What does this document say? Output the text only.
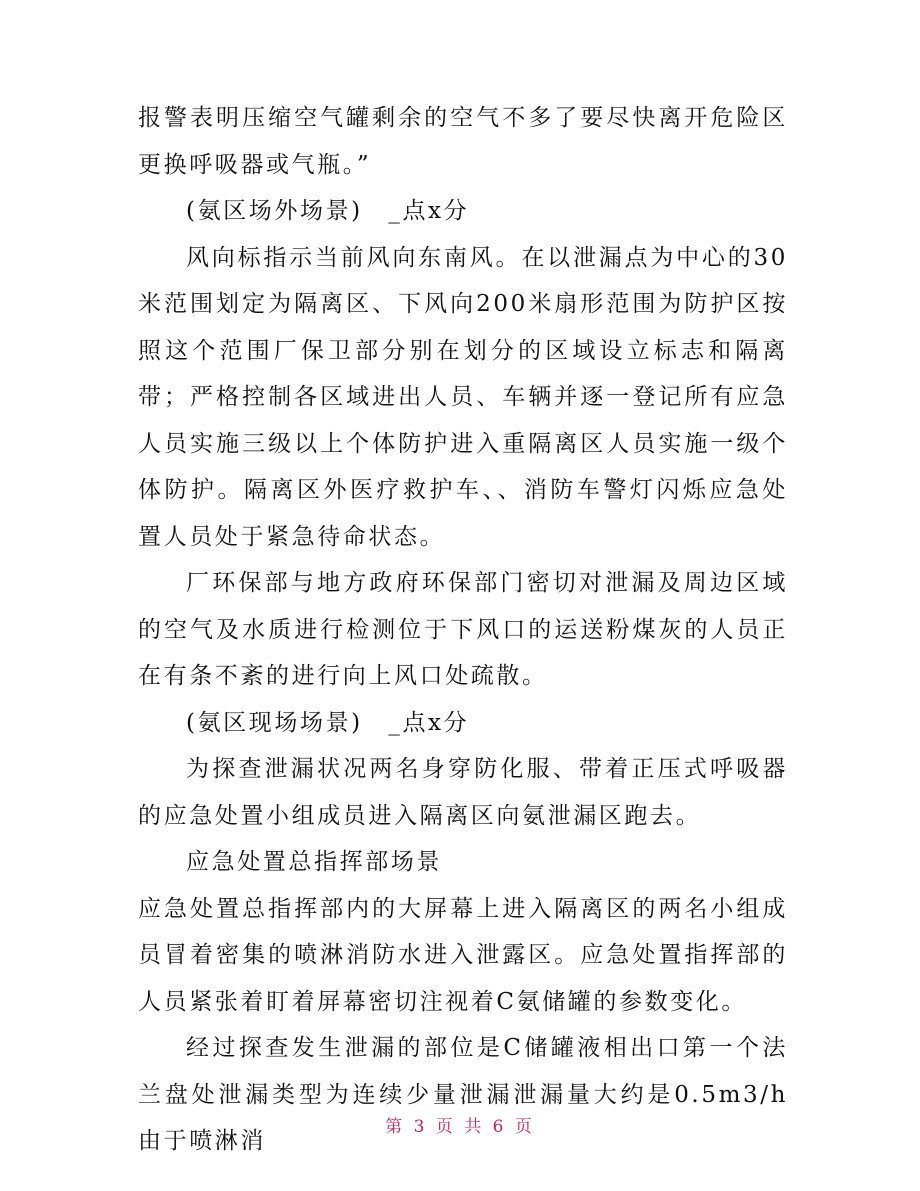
报警表明压缩空气罐剩余的空气不多了要尽快离开危险区更换呼吸器或气瓶。”

(氨区场外场景)　_点x分

风向标指示当前风向东南风。在以泄漏点为中心的30米范围划定为隔离区、下风向200米扇形范围为防护区按照这个范围厂保卫部分别在划分的区域设立标志和隔离带；严格控制各区域进出人员、车辆并逐一登记所有应急人员实施三级以上个体防护进入重隔离区人员实施一级个体防护。隔离区外医疗救护车、、消防车警灯闪烁应急处置人员处于紧急待命状态。

厂环保部与地方政府环保部门密切对泄漏及周边区域的空气及水质进行检测位于下风口的运送粉煤灰的人员正在有条不紊的进行向上风口处疏散。

(氨区现场场景)　_点x分

为探查泄漏状况两名身穿防化服、带着正压式呼吸器的应急处置小组成员进入隔离区向氨泄漏区跑去。

应急处置总指挥部场景

应急处置总指挥部内的大屏幕上进入隔离区的两名小组成员冒着密集的喷淋消防水进入泄露区。应急处置指挥部的人员紧张着盯着屏幕密切注视着C氨储罐的参数变化。

经过探查发生泄漏的部位是C储罐液相出口第一个法兰盘处泄漏类型为连续少量泄漏泄漏量大约是0.5m3/h由于喷淋消

第 3 页 共 6 页
